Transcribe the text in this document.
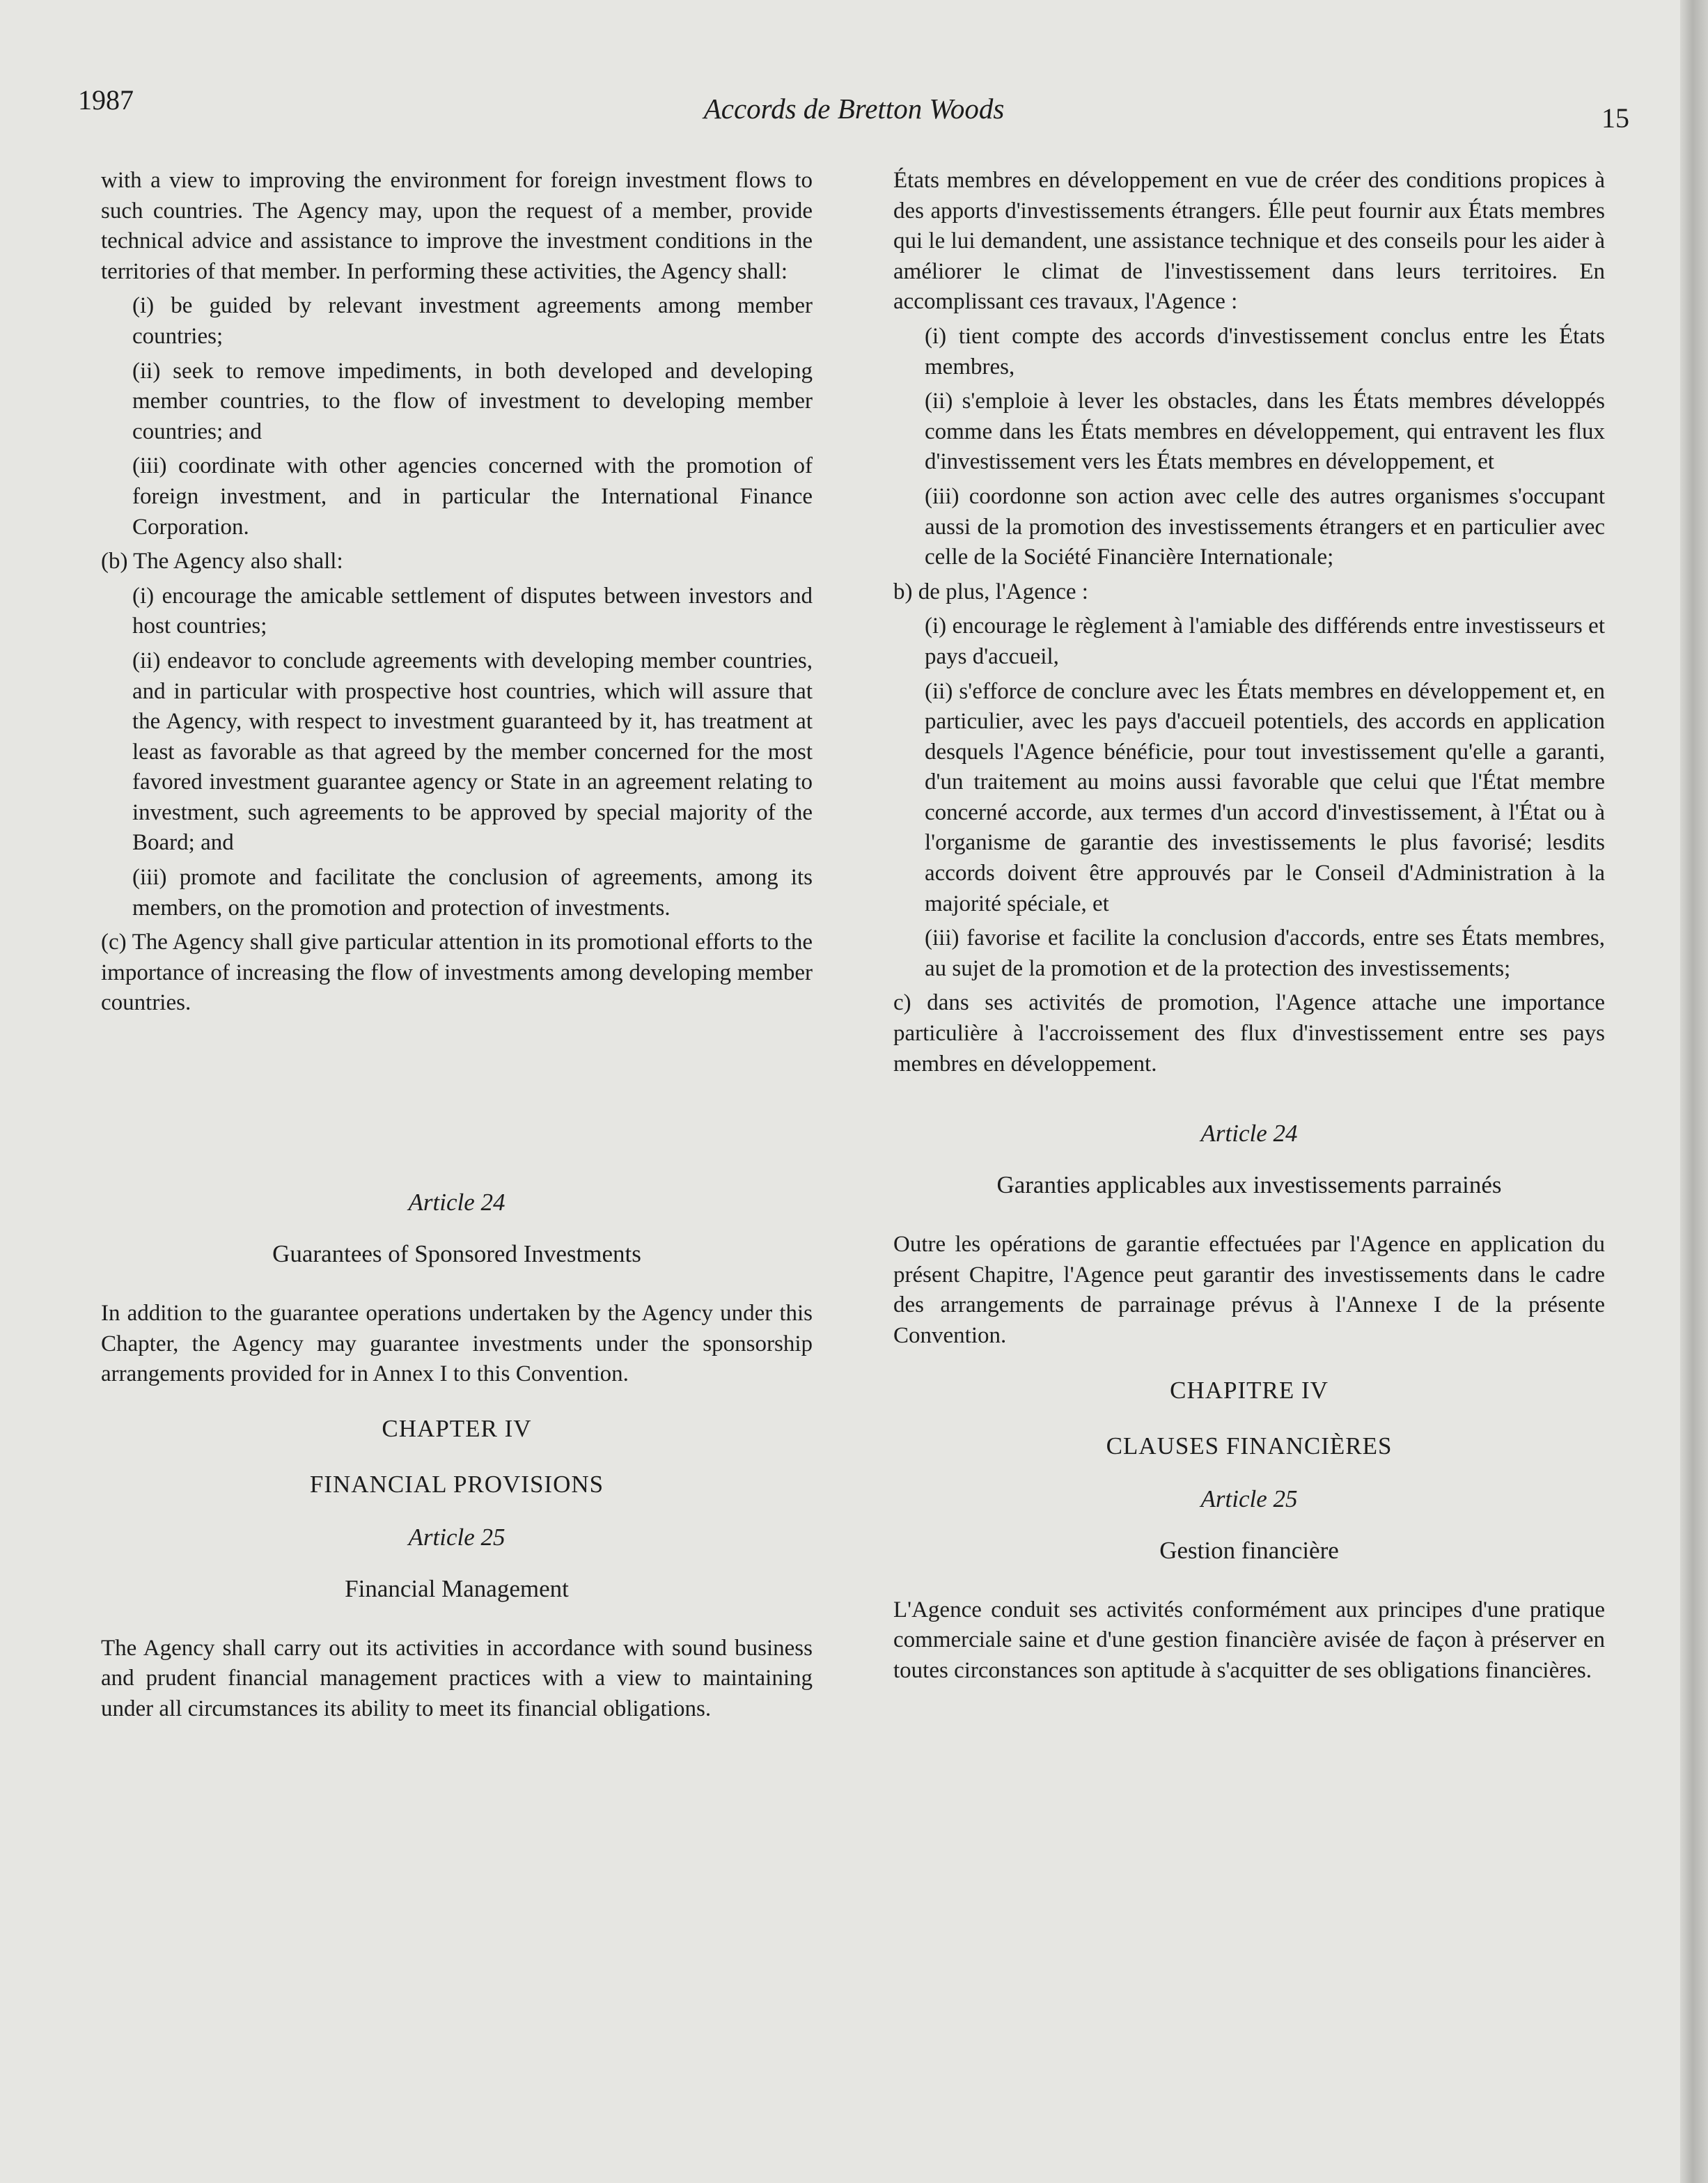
1987	Accords de Bretton Woods	15

with a view to improving the environment for foreign investment flows to such countries. The Agency may, upon the request of a member, provide technical advice and assistance to improve the investment conditions in the territories of that member. In performing these activities, the Agency shall:

(i) be guided by relevant investment agreements among member countries;

(ii) seek to remove impediments, in both developed and developing member countries, to the flow of investment to developing member countries; and

(iii) coordinate with other agencies concerned with the promotion of foreign investment, and in particular the International Finance Corporation.

(b) The Agency also shall:

(i) encourage the amicable settlement of disputes between investors and host countries;

(ii) endeavor to conclude agreements with developing member countries, and in particular with prospective host countries, which will assure that the Agency, with respect to investment guaranteed by it, has treatment at least as favorable as that agreed by the member concerned for the most favored investment guarantee agency or State in an agreement relating to investment, such agreements to be approved by special majority of the Board; and

(iii) promote and facilitate the conclusion of agreements, among its members, on the promotion and protection of investments.

(c) The Agency shall give particular attention in its promotional efforts to the importance of increasing the flow of investments among developing member countries.

Article 24
Guarantees of Sponsored Investments

In addition to the guarantee operations undertaken by the Agency under this Chapter, the Agency may guarantee investments under the sponsorship arrangements provided for in Annex I to this Convention.

CHAPTER IV
FINANCIAL PROVISIONS
Article 25
Financial Management

The Agency shall carry out its activities in accordance with sound business and prudent financial management practices with a view to maintaining under all circumstances its ability to meet its financial obligations.

États membres en développement en vue de créer des conditions propices à des apports d'investissements étrangers. Élle peut fournir aux États membres qui le lui demandent, une assistance technique et des conseils pour les aider à améliorer le climat de l'investissement dans leurs territoires. En accomplissant ces travaux, l'Agence :

(i) tient compte des accords d'investissement conclus entre les États membres,

(ii) s'emploie à lever les obstacles, dans les États membres développés comme dans les États membres en développement, qui entravent les flux d'investissement vers les États membres en développement, et

(iii) coordonne son action avec celle des autres organismes s'occupant aussi de la promotion des investissements étrangers et en particulier avec celle de la Société Financière Internationale;

b) de plus, l'Agence :

(i) encourage le règlement à l'amiable des différends entre investisseurs et pays d'accueil,

(ii) s'efforce de conclure avec les États membres en développement et, en particulier, avec les pays d'accueil potentiels, des accords en application desquels l'Agence bénéficie, pour tout investissement qu'elle a garanti, d'un traitement au moins aussi favorable que celui que l'État membre concerné accorde, aux termes d'un accord d'investissement, à l'État ou à l'organisme de garantie des investissements le plus favorisé; lesdits accords doivent être approuvés par le Conseil d'Administration à la majorité spéciale, et

(iii) favorise et facilite la conclusion d'accords, entre ses États membres, au sujet de la promotion et de la protection des investissements;

c) dans ses activités de promotion, l'Agence attache une importance particulière à l'accroissement des flux d'investissement entre ses pays membres en développement.

Article 24
Garanties applicables aux investissements parrainés

Outre les opérations de garantie effectuées par l'Agence en application du présent Chapitre, l'Agence peut garantir des investissements dans le cadre des arrangements de parrainage prévus à l'Annexe I de la présente Convention.

CHAPITRE IV
CLAUSES FINANCIÈRES
Article 25
Gestion financière

L'Agence conduit ses activités conformément aux principes d'une pratique commerciale saine et d'une gestion financière avisée de façon à préserver en toutes circonstances son aptitude à s'acquitter de ses obligations financières.
